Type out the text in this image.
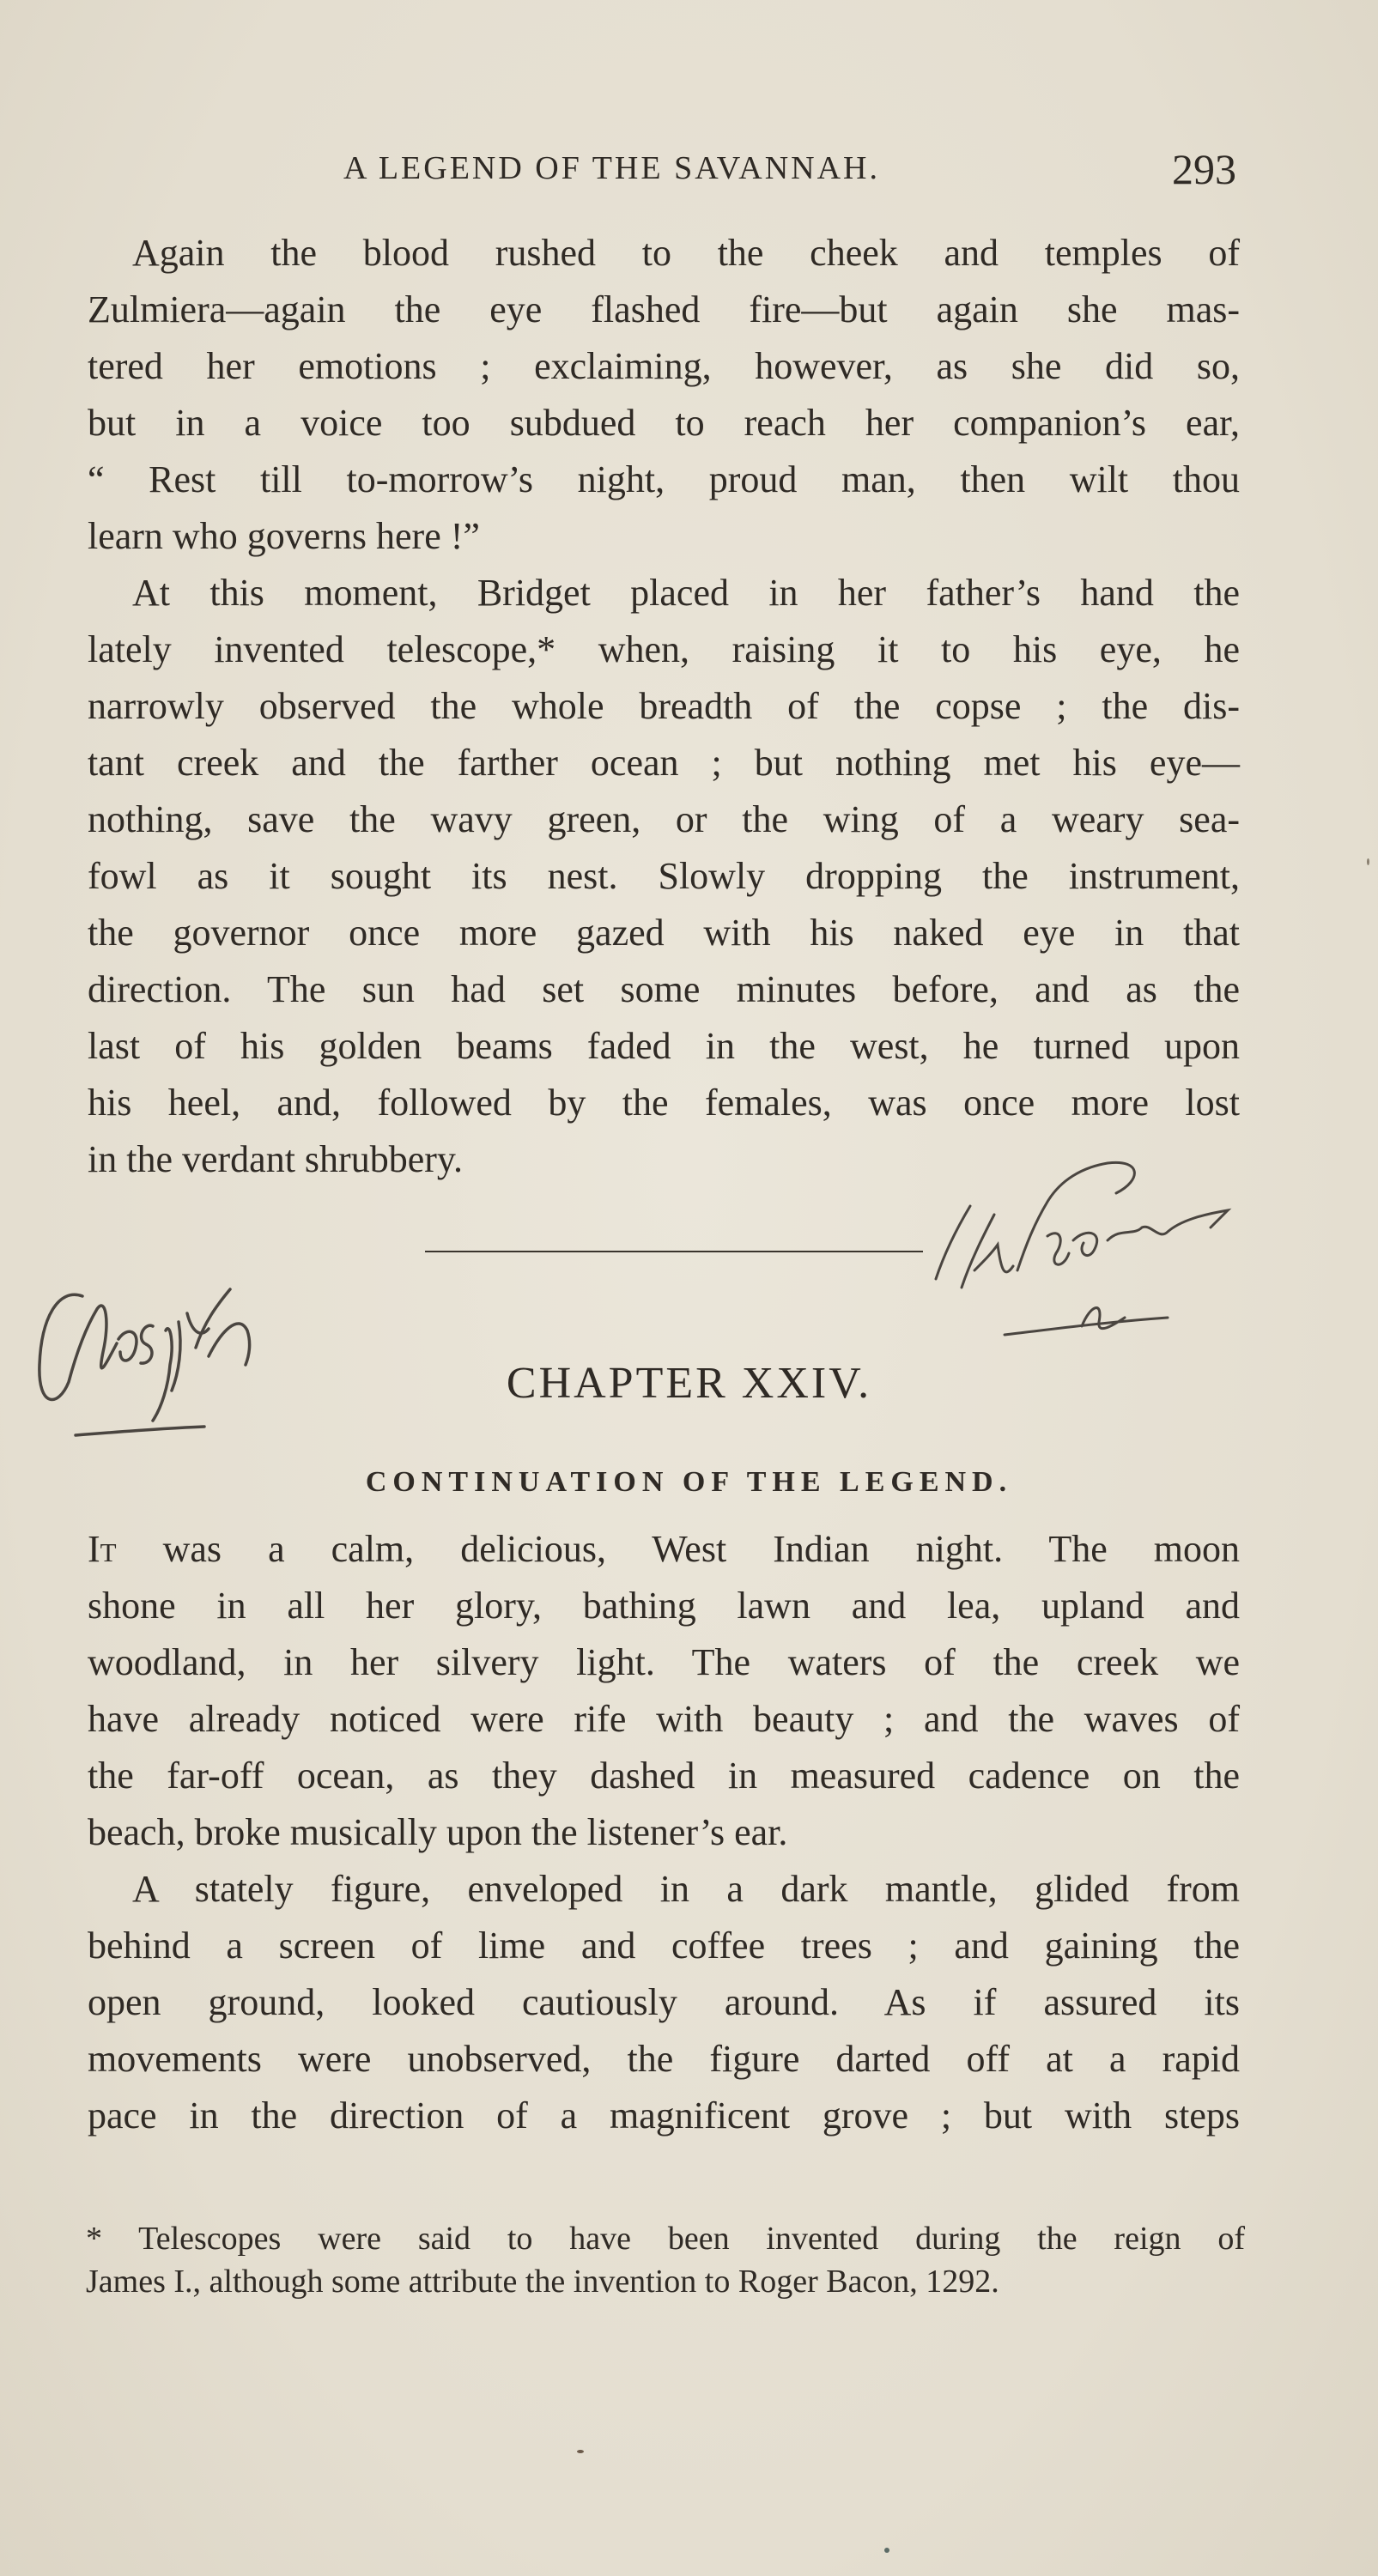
A LEGEND OF THE SAVANNAH.	293

Again the blood rushed to the cheek and temples of

Zulmiera—again the eye flashed fire—but again she mas-

tered her emotions ; exclaiming, however, as she did so,

but in a voice too subdued to reach her companion’s ear,

“ Rest till to-morrow’s night, proud man, then wilt thou

learn who governs here !”

At this moment, Bridget placed in her father’s hand the

lately invented telescope,* when, raising it to his eye, he

narrowly observed the whole breadth of the copse ; the dis-

tant creek and the farther ocean ; but nothing met his eye—

nothing, save the wavy green, or the wing of a weary sea-

fowl as it sought its nest. Slowly dropping the instrument,

the governor once more gazed with his naked eye in that

direction. The sun had set some minutes before, and as the

last of his golden beams faded in the west, he turned upon

his heel, and, followed by the females, was once more lost

in the verdant shrubbery.

CHAPTER XXIV.
CONTINUATION OF THE LEGEND.

It was a calm, delicious, West Indian night. The moon

shone in all her glory, bathing lawn and lea, upland and

woodland, in her silvery light. The waters of the creek we

have already noticed were rife with beauty ; and the waves of

the far-off ocean, as they dashed in measured cadence on the

beach, broke musically upon the listener’s ear.

A stately figure, enveloped in a dark mantle, glided from

behind a screen of lime and coffee trees ; and gaining the

open ground, looked cautiously around. As if assured its

movements were unobserved, the figure darted off at a rapid

pace in the direction of a magnificent grove ; but with steps

* Telescopes were said to have been invented during the reign of

James I., although some attribute the invention to Roger Bacon, 1292.
